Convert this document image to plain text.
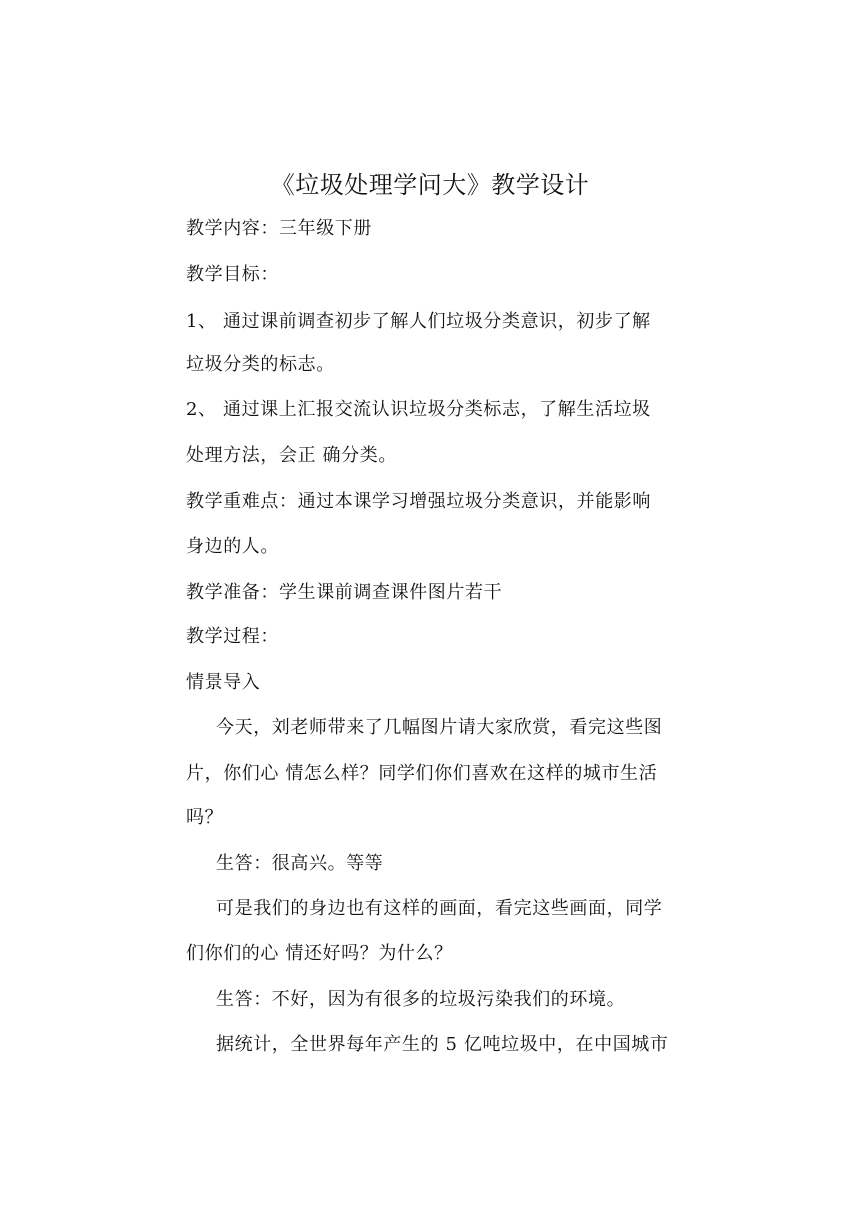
《垃圾处理学问大》教学设计
教学内容：三年级下册
教学目标：
1、 通过课前调查初步了解人们垃圾分类意识，初步了解
垃圾分类的标志。
2、 通过课上汇报交流认识垃圾分类标志，了解生活垃圾
处理方法，会正 确分类。
教学重难点：通过本课学习增强垃圾分类意识，并能影响
身边的人。
教学准备：学生课前调查课件图片若干
教学过程：
情景导入
今天，刘老师带来了几幅图片请大家欣赏，看完这些图
片，你们心 情怎么样？同学们你们喜欢在这样的城市生活
吗？
生答：很高兴。等等
可是我们的身边也有这样的画面，看完这些画面，同学
们你们的心 情还好吗？为什么？
生答：不好，因为有很多的垃圾污染我们的环境。
据统计，全世界每年产生的 5 亿吨垃圾中，在中国城市
